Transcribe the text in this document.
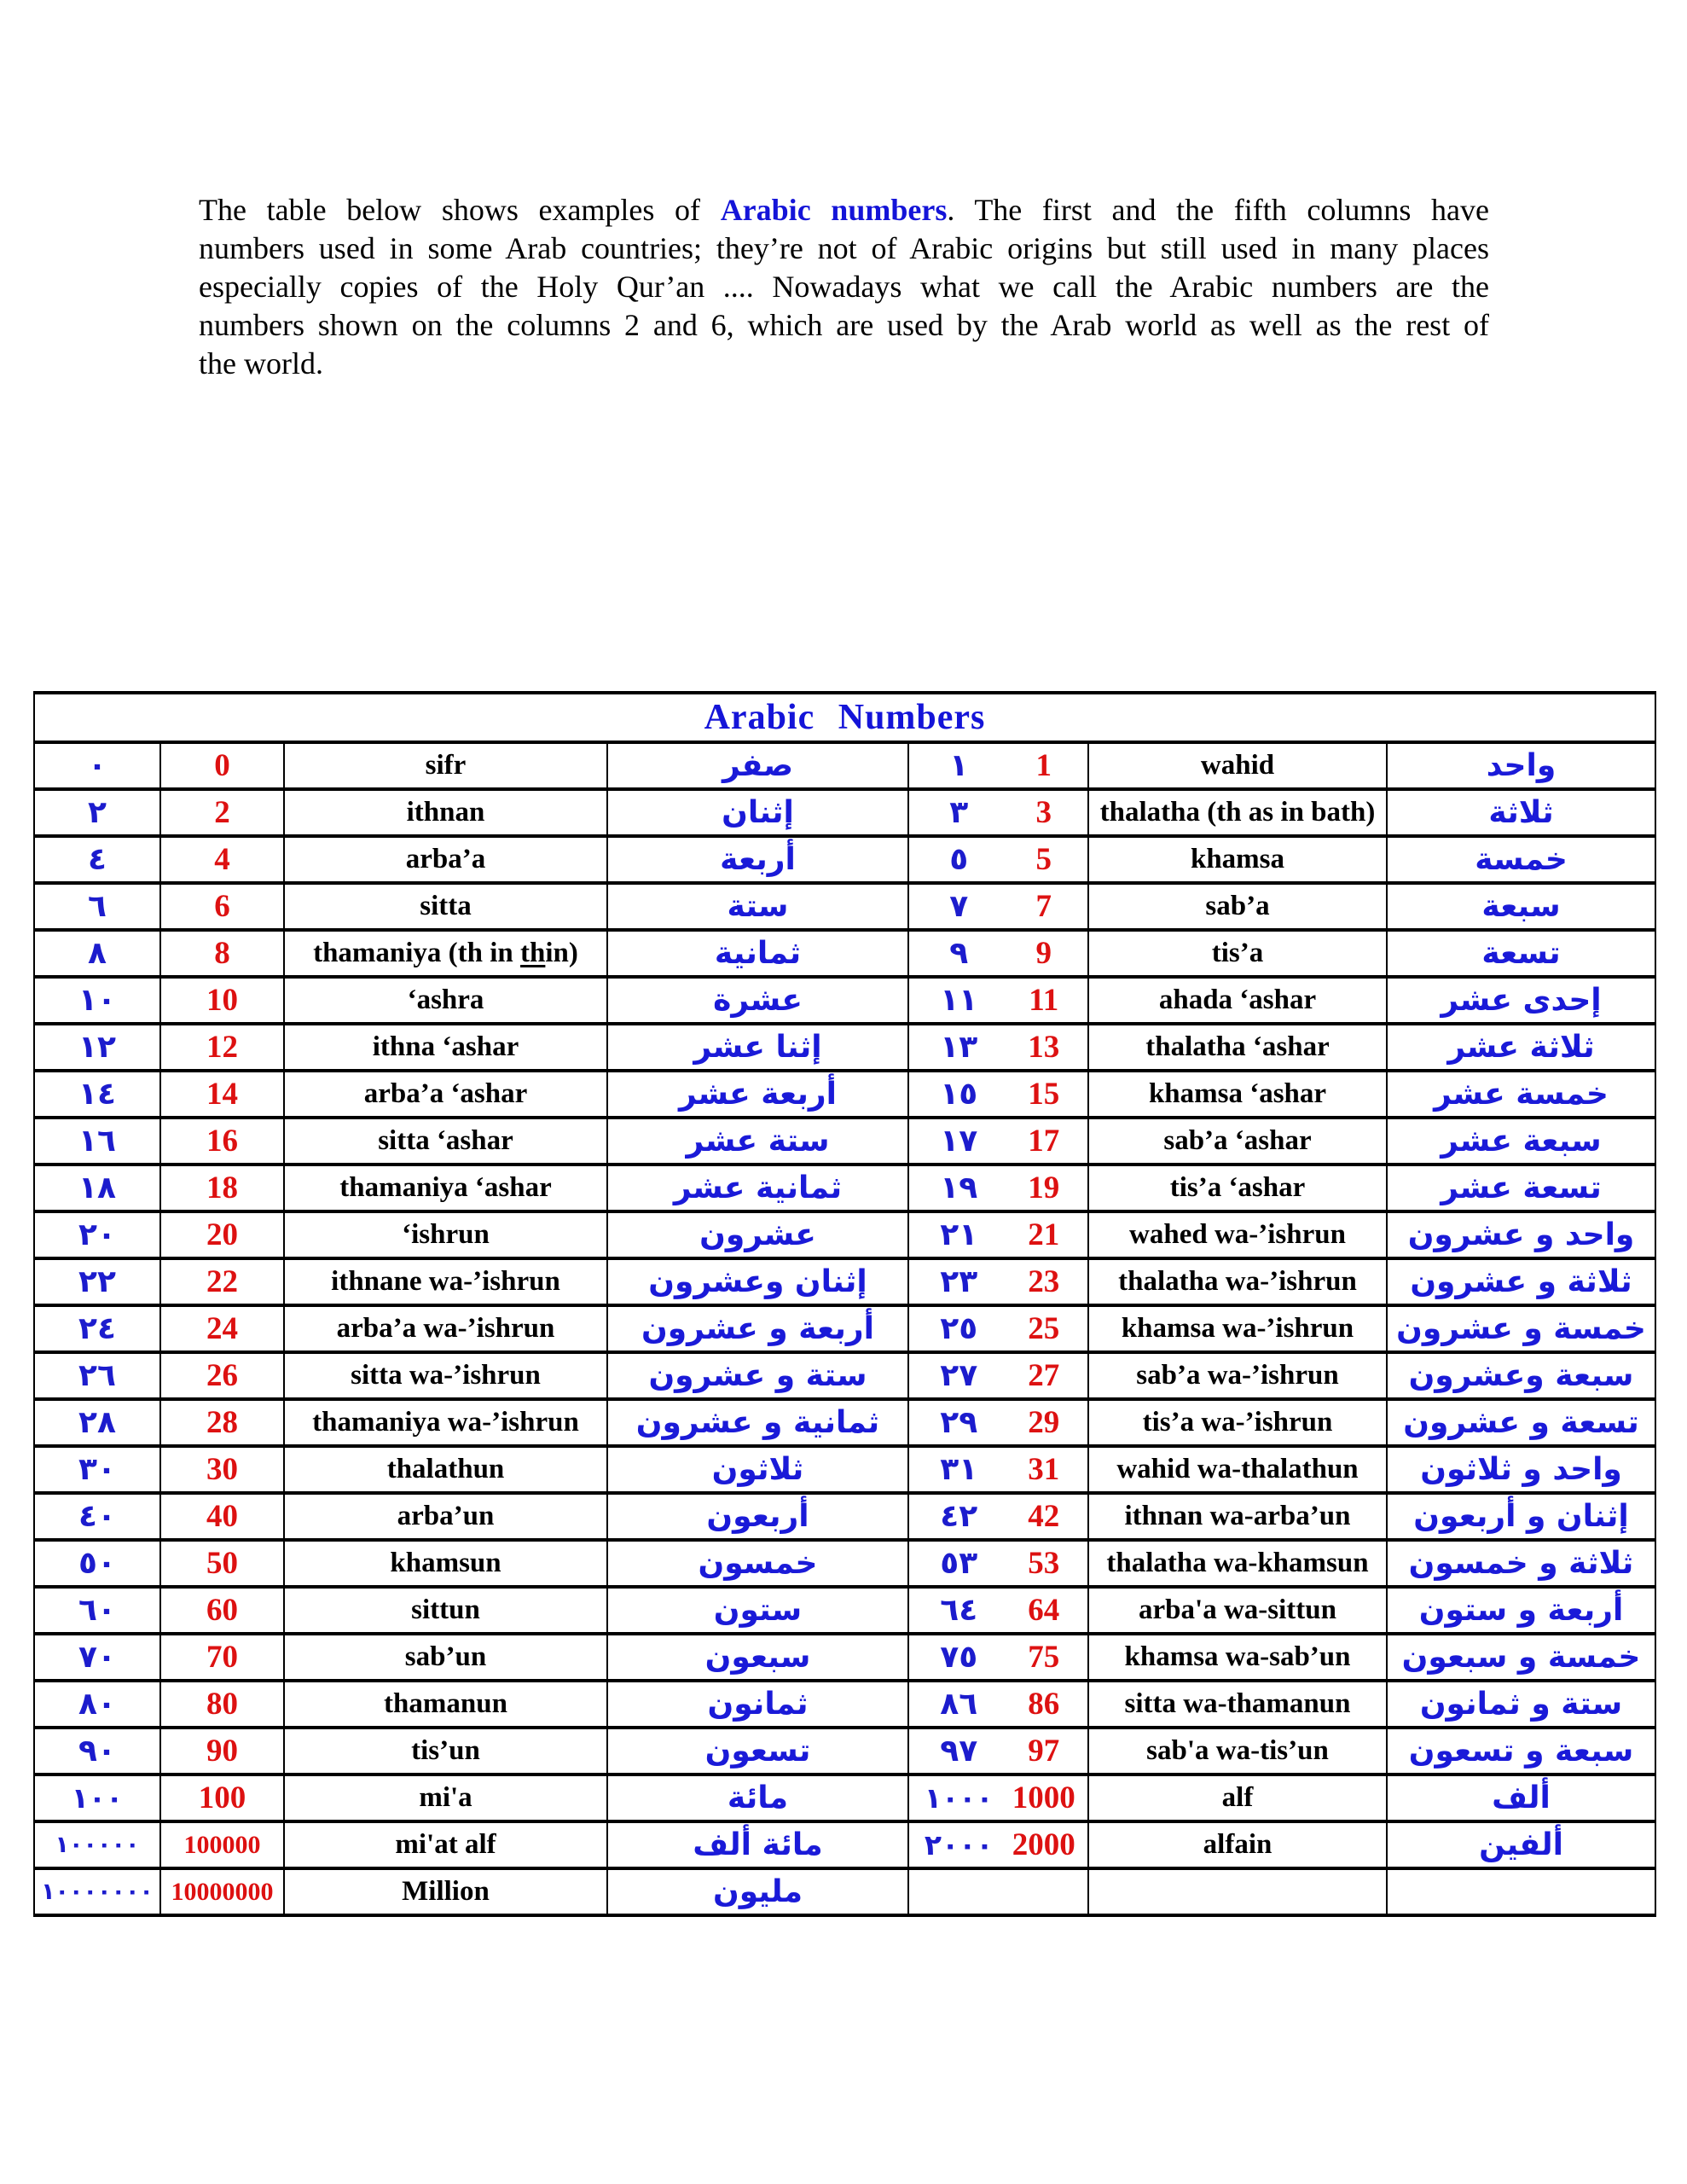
The table below shows examples of Arabic numbers. The first and the fifth columns have
numbers used in some Arab countries; they’re not of Arabic origins but still used in many places
especially copies of the Holy Qur’an .... Nowadays what we call the Arabic numbers are the
numbers shown on the columns 2 and 6, which are used by the Arab world as well as the rest of
the world.
Arabic Numbers						
٠	0	sifr	صفر	١ 1	wahid	واحد
٢	2	ithnan	إثنان	٣ 3	thalatha (th as in bath)	ثلاثة
٤	4	arba’a	أربعة	٥ 5	khamsa	خمسة
٦	6	sitta	ستة	٧ 7	sab’a	سبعة
٨	8	thamaniya (th in thin)	ثمانية	٩ 9	tis’a	تسعة
١٠	10	‘ashra	عشرة	١١ 11	ahada ‘ashar	إحدى عشر
١٢	12	ithna ‘ashar	إثنا عشر	١٣ 13	thalatha ‘ashar	ثلاثة عشر
١٤	14	arba’a ‘ashar	أربعة عشر	١٥ 15	khamsa ‘ashar	خمسة عشر
١٦	16	sitta ‘ashar	ستة عشر	١٧ 17	sab’a ‘ashar	سبعة عشر
١٨	18	thamaniya ‘ashar	ثمانية عشر	١٩ 19	tis’a ‘ashar	تسعة عشر
٢٠	20	‘ishrun	عشرون	٢١ 21	wahed wa-’ishrun	واحد و عشرون
٢٢	22	ithnane wa-’ishrun	إثنان وعشرون	٢٣ 23	thalatha wa-’ishrun	ثلاثة و عشرون
٢٤	24	arba’a wa-’ishrun	أربعة و عشرون	٢٥ 25	khamsa wa-’ishrun	خمسة و عشرون
٢٦	26	sitta wa-’ishrun	ستة و عشرون	٢٧ 27	sab’a wa-’ishrun	سبعة وعشرون
٢٨	28	thamaniya wa-’ishrun	ثمانية و عشرون	٢٩ 29	tis’a wa-’ishrun	تسعة و عشرون
٣٠	30	thalathun	ثلاثون	٣١ 31	wahid wa-thalathun	واحد و ثلاثون
٤٠	40	arba’un	أربعون	٤٢ 42	ithnan wa-arba’un	إثنان و أربعون
٥٠	50	khamsun	خمسون	٥٣ 53	thalatha wa-khamsun	ثلاثة و خمسون
٦٠	60	sittun	ستون	٦٤ 64	arba'a wa-sittun	أربعة و ستون
٧٠	70	sab’un	سبعون	٧٥ 75	khamsa wa-sab’un	خمسة و سبعون
٨٠	80	thamanun	ثمانون	٨٦ 86	sitta wa-thamanun	ستة و ثمانون
٩٠	90	tis’un	تسعون	٩٧ 97	sab'a wa-tis’un	سبعة و تسعون
١٠٠	100	mi'a	مائة	١٠٠٠ 1000	alf	ألف
١٠٠٠٠٠	100000	mi'at alf	مائة ألف	٢٠٠٠ 2000	alfain	ألفين
١٠٠٠٠٠٠٠	10000000	Million	مليون	
